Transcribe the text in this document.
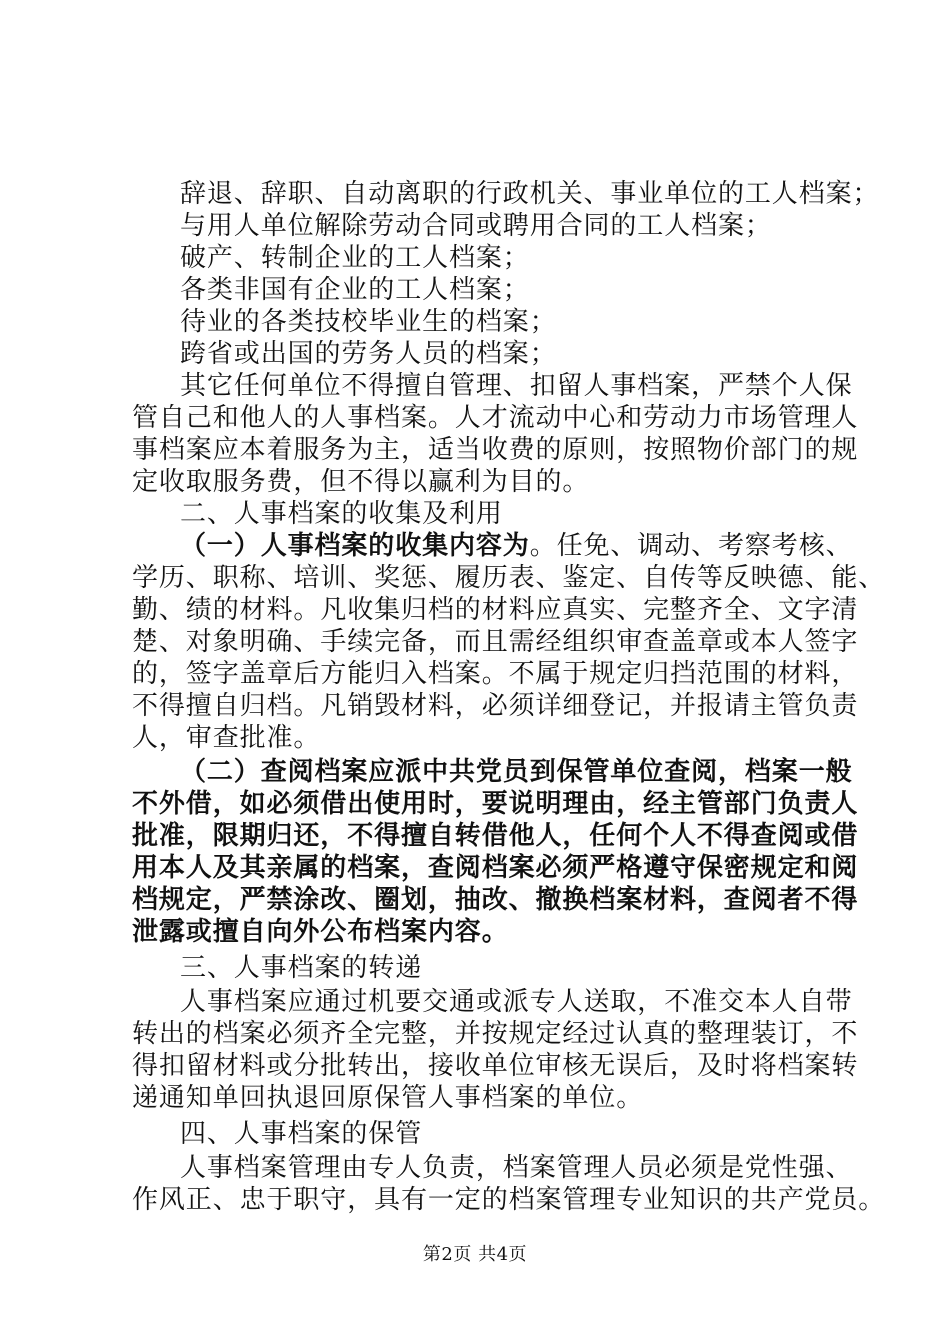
辞退、辞职、自动离职的行政机关、事业单位的工人档案；
与用人单位解除劳动合同或聘用合同的工人档案；
破产、转制企业的工人档案；
各类非国有企业的工人档案；
待业的各类技校毕业生的档案；
跨省或出国的劳务人员的档案；
其它任何单位不得擅自管理、扣留人事档案，严禁个人保
管自己和他人的人事档案。人才流动中心和劳动力市场管理人
事档案应本着服务为主，适当收费的原则，按照物价部门的规
定收取服务费，但不得以赢利为目的。
二、人事档案的收集及利用
（一）人事档案的收集内容为。任免、调动、考察考核、
学历、职称、培训、奖惩、履历表、鉴定、自传等反映德、能、
勤、绩的材料。凡收集归档的材料应真实、完整齐全、文字清
楚、对象明确、手续完备，而且需经组织审查盖章或本人签字
的，签字盖章后方能归入档案。不属于规定归挡范围的材料，
不得擅自归档。凡销毁材料，必须详细登记，并报请主管负责
人，审查批准。
（二）查阅档案应派中共党员到保管单位查阅，档案一般
不外借，如必须借出使用时，要说明理由，经主管部门负责人
批准，限期归还，不得擅自转借他人，任何个人不得查阅或借
用本人及其亲属的档案，查阅档案必须严格遵守保密规定和阅
档规定，严禁涂改、圈划，抽改、撤换档案材料，查阅者不得
泄露或擅自向外公布档案内容。
三、人事档案的转递
人事档案应通过机要交通或派专人送取，不准交本人自带
转出的档案必须齐全完整，并按规定经过认真的整理装订，不
得扣留材料或分批转出，接收单位审核无误后，及时将档案转
递通知单回执退回原保管人事档案的单位。
四、人事档案的保管
人事档案管理由专人负责，档案管理人员必须是党性强、
作风正、忠于职守，具有一定的档案管理专业知识的共产党员。
第2页 共4页
